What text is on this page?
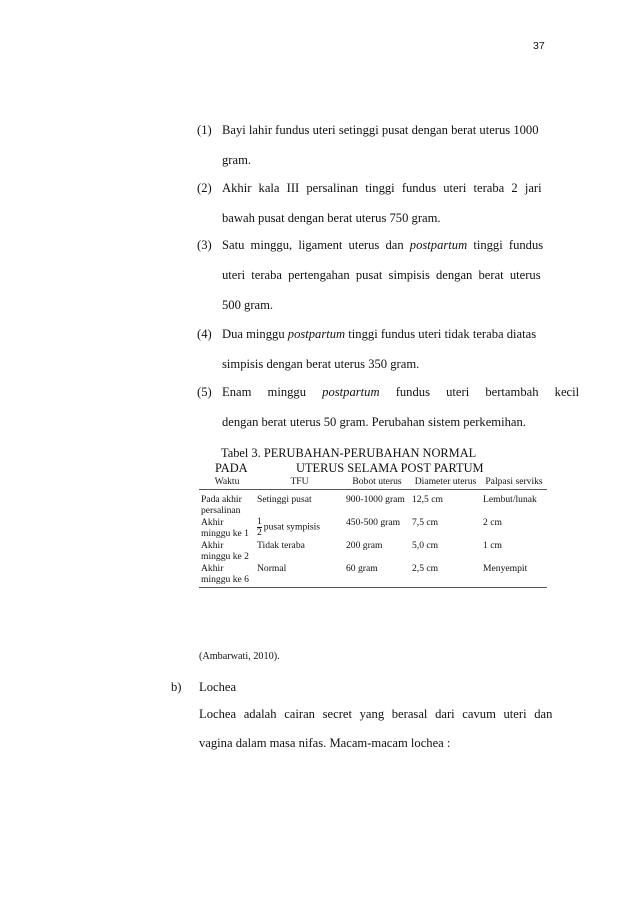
37
(1) Bayi lahir fundus uteri setinggi pusat dengan berat uterus 1000
gram.
(2) Akhir kala III persalinan tinggi fundus uteri teraba 2 jari
bawah pusat dengan berat uterus 750 gram.
(3) Satu minggu, ligament uterus dan postpartum tinggi fundus
uteri teraba pertengahan pusat simpisis dengan berat uterus
500 gram.
(4) Dua minggu postpartum tinggi fundus uteri tidak teraba diatas
simpisis dengan berat uterus 350 gram.
(5) Enam minggu postpartum fundus uteri bertambah kecil
dengan berat uterus 50 gram. Perubahan sistem perkemihan.
Tabel 3. PERUBAHAN-PERUBAHAN NORMAL
PADA	UTERUS SELAMA POST PARTUM
Waktu	TFU	Bobot uterus	Diameter uterus	Palpasi serviks
Pada akhir persalinan	Setinggi pusat	900-1000 gram	12,5 cm	Lembut/lunak
Akhir minggu ke 1	$\frac{1}{2}$ pusat sympisis	450-500 gram	7,5 cm	2 cm
Akhir minggu ke 2	Tidak teraba	200 gram	5,0 cm	1 cm
Akhir minggu ke 6	Normal	60 gram	2,5 cm	Menyempit
(Ambarwati, 2010).
b) Lochea
Lochea adalah cairan secret yang berasal dari cavum uteri dan
vagina dalam masa nifas. Macam-macam lochea :
